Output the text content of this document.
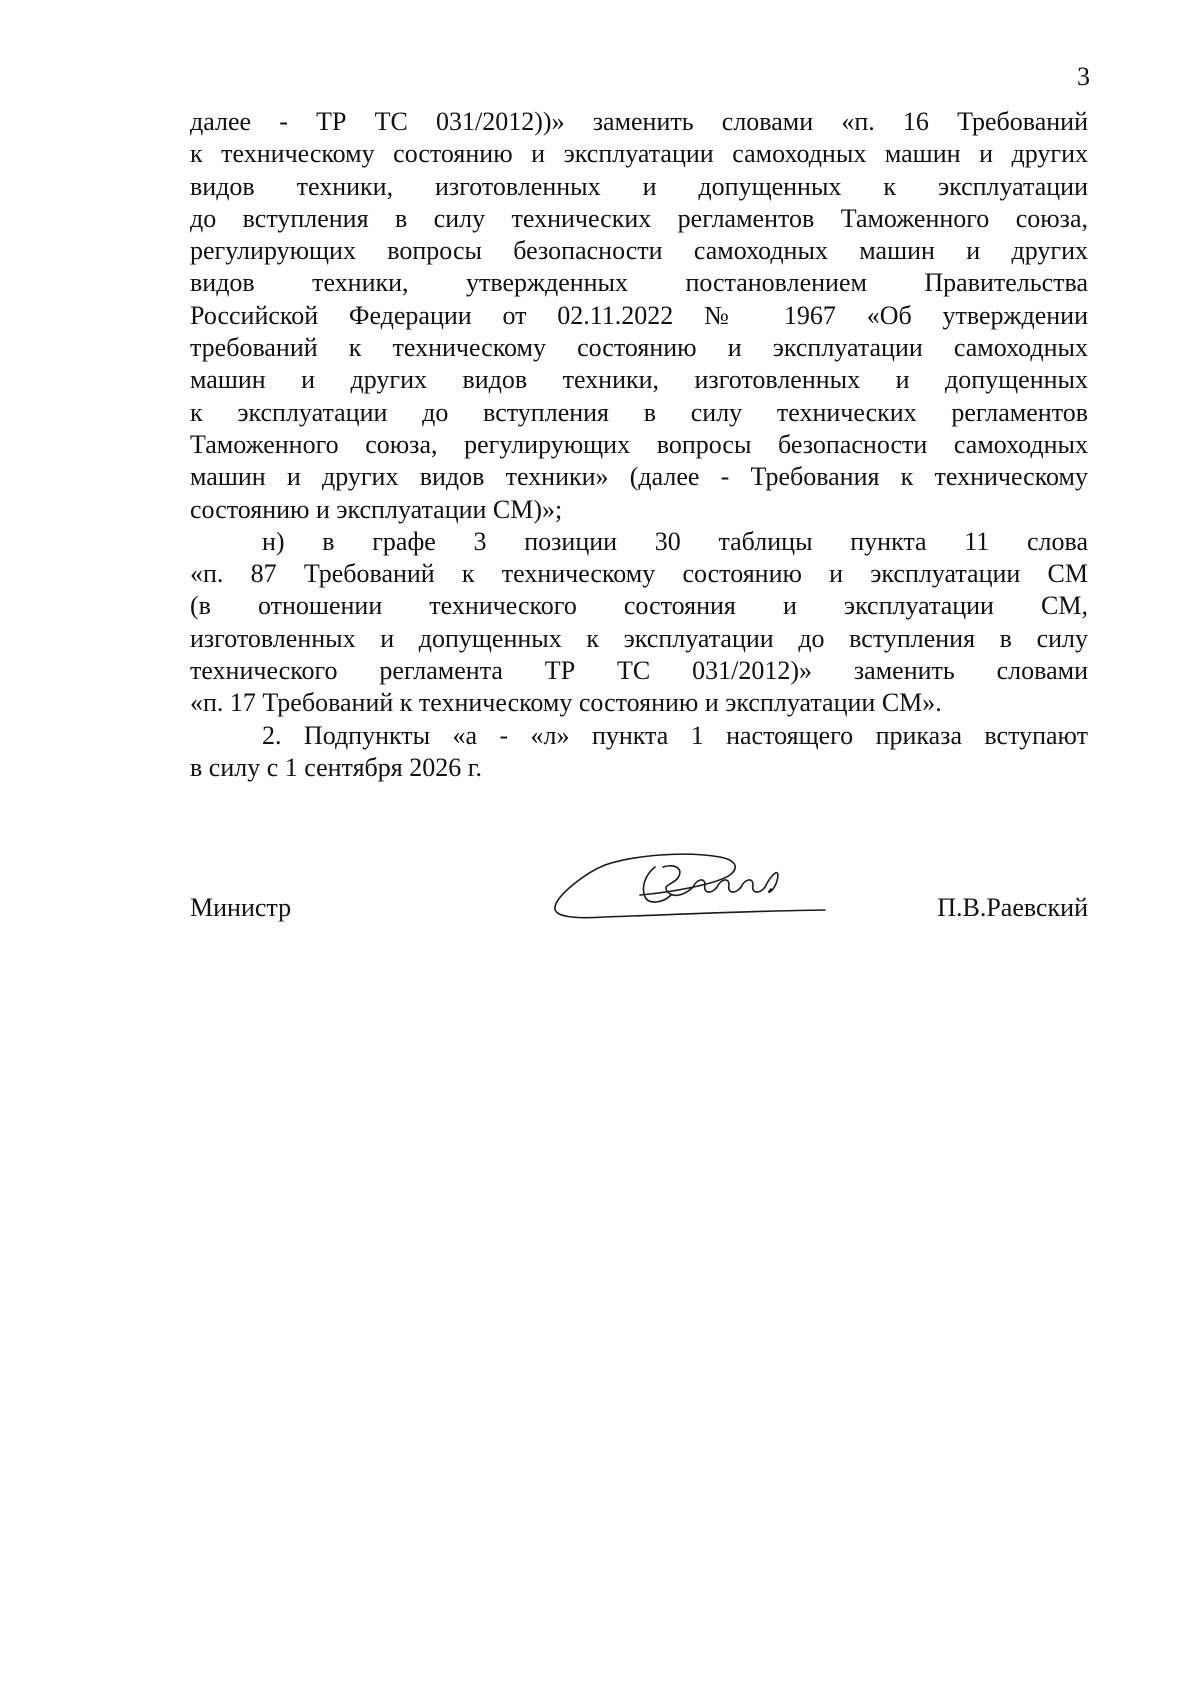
3
далее - ТР ТС 031/2012))» заменить словами «п. 16 Требований
к техническому состоянию и эксплуатации самоходных машин и других
видов техники, изготовленных и допущенных к эксплуатации
до вступления в силу технических регламентов Таможенного союза,
регулирующих вопросы безопасности самоходных машин и других
видов техники, утвержденных постановлением Правительства
Российской Федерации от 02.11.2022 № 1967 «Об утверждении
требований к техническому состоянию и эксплуатации самоходных
машин и других видов техники, изготовленных и допущенных
к эксплуатации до вступления в силу технических регламентов
Таможенного союза, регулирующих вопросы безопасности самоходных
машин и других видов техники» (далее - Требования к техническому
состоянию и эксплуатации СМ)»;
н) в графе 3 позиции 30 таблицы пункта 11 слова
«п. 87 Требований к техническому состоянию и эксплуатации СМ
(в отношении технического состояния и эксплуатации СМ,
изготовленных и допущенных к эксплуатации до вступления в силу
технического регламента ТР ТС 031/2012)» заменить словами
«п. 17 Требований к техническому состоянию и эксплуатации СМ».
2. Подпункты «а - «л» пункта 1 настоящего приказа вступают
в силу с 1 сентября 2026 г.
Министр	П.В.Раевский
